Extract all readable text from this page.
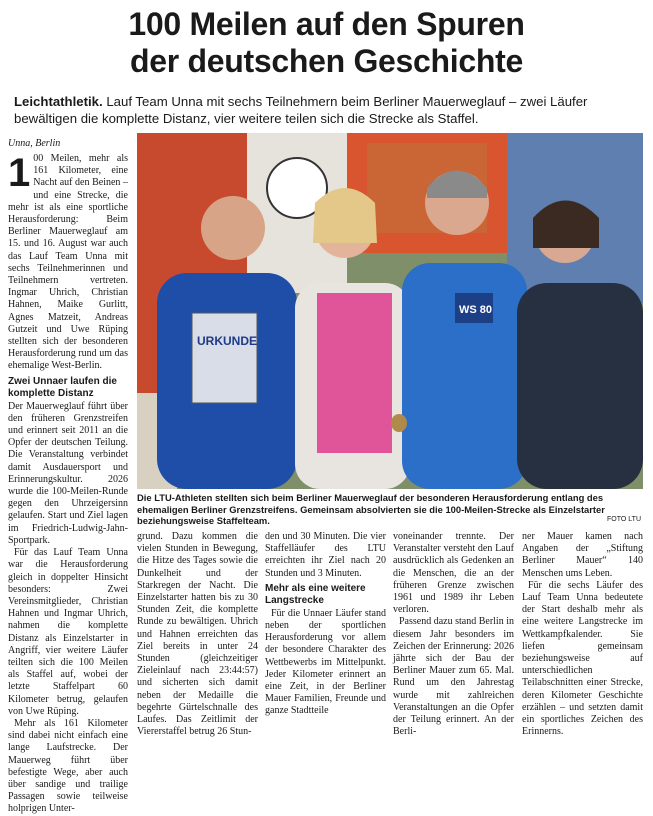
100 Meilen auf den Spuren
der deutschen Geschichte
Leichtathletik. Lauf Team Unna mit sechs Teilnehmern beim Berliner Mauerweglauf – zwei Läufer bewältigen die komplette Distanz, vier weitere teilen sich die Strecke als Staffel.
Unna, Berlin
1 00 Meilen, mehr als 161 Kilometer, eine Nacht auf den Beinen – und eine Strecke, die mehr ist als eine sportliche Herausforderung: Beim Berliner Mauerweglauf am 15. und 16. August war auch das Lauf Team Unna mit sechs Teilnehmerinnen und Teilnehmern vertreten. Ingmar Uhrich, Christian Hahnen, Maike Gurlitt, Agnes Matzeit, Andreas Gutzeit und Uwe Rüping stellten sich der besonderen Herausforderung rund um das ehemalige West-Berlin.

Zwei Unnaer laufen die komplette Distanz

Der Mauerweglauf führt über den früheren Grenzstreifen und erinnert seit 2011 an die Opfer der deutschen Teilung. Die Veranstaltung verbindet damit Ausdauersport und Erinnerungskultur. 2026 wurde die 100-Meilen-Runde gegen den Uhrzeigersinn gelaufen. Start und Ziel lagen im Friedrich-Ludwig-Jahn-Sportpark.

Für das Lauf Team Unna war die Herausforderung gleich in doppelter Hinsicht besonders: Zwei Vereinsmitglieder, Christian Hahnen und Ingmar Uhrich, nahmen die komplette Distanz als Einzelstarter in Angriff, vier weitere Läufer teilten sich die 100 Meilen als Staffel auf, wobei der letzte Staffelpart 60 Kilometer betrug, gelaufen von Uwe Rüping.

Mehr als 161 Kilometer sind dabei nicht einfach eine lange Laufstrecke. Der Mauerweg führt über befestigte Wege, aber auch über sandige und trailige Passagen sowie teilweise holprigen Unter-

URKUNDE
WS 80
Die LTU-Athleten stellten sich beim Berliner Mauerweglauf der besonderen Herausforderung entlang des ehemaligen Berliner Grenzstreifens. Gemeinsam absolvierten sie die 100-Meilen-Strecke als Einzelstarter beziehungsweise Staffelteam.	FOTO LTU

grund. Dazu kommen die vielen Stunden in Bewegung, die Hitze des Tages sowie die Dunkelheit und der Starkregen der Nacht. Die Einzelstarter hatten bis zu 30 Stunden Zeit, die komplette Runde zu bewältigen. Uhrich und Hahnen erreichten das Ziel bereits in unter 24 Stunden (gleichzeitiger Zieleinlauf nach 23:44:57) und sicherten sich damit neben der Medaille die begehrte Gürtelschnalle des Laufes. Das Zeitlimit der Viererstaffel betrug 26 Stun-

den und 30 Minuten. Die vier Staffelläufer des LTU erreichten ihr Ziel nach 20 Stunden und 3 Minuten.

Mehr als eine weitere Langstrecke

Für die Unnaer Läufer stand neben der sportlichen Herausforderung vor allem der besondere Charakter des Wettbewerbs im Mittelpunkt. Jeder Kilometer erinnert an eine Zeit, in der Berliner Mauer Familien, Freunde und ganze Stadtteile

voneinander trennte. Der Veranstalter versteht den Lauf ausdrücklich als Gedenken an die Menschen, die an der früheren Grenze zwischen 1961 und 1989 ihr Leben verloren.

Passend dazu stand Berlin in diesem Jahr besonders im Zeichen der Erinnerung: 2026 jährte sich der Bau der Berliner Mauer zum 65. Mal. Rund um den Jahrestag wurde mit zahlreichen Veranstaltungen an die Opfer der Teilung erinnert. An der Berli-

ner Mauer kamen nach Angaben der „Stiftung Berliner Mauer“ 140 Menschen ums Leben.

Für die sechs Läufer des Lauf Team Unna bedeutete der Start deshalb mehr als eine weitere Langstrecke im Wettkampfkalender. Sie liefen gemeinsam beziehungsweise auf unterschiedlichen Teilabschnitten einer Strecke, deren Kilometer Geschichte erzählen – und setzten damit ein sportliches Zeichen des Erinnerns.
